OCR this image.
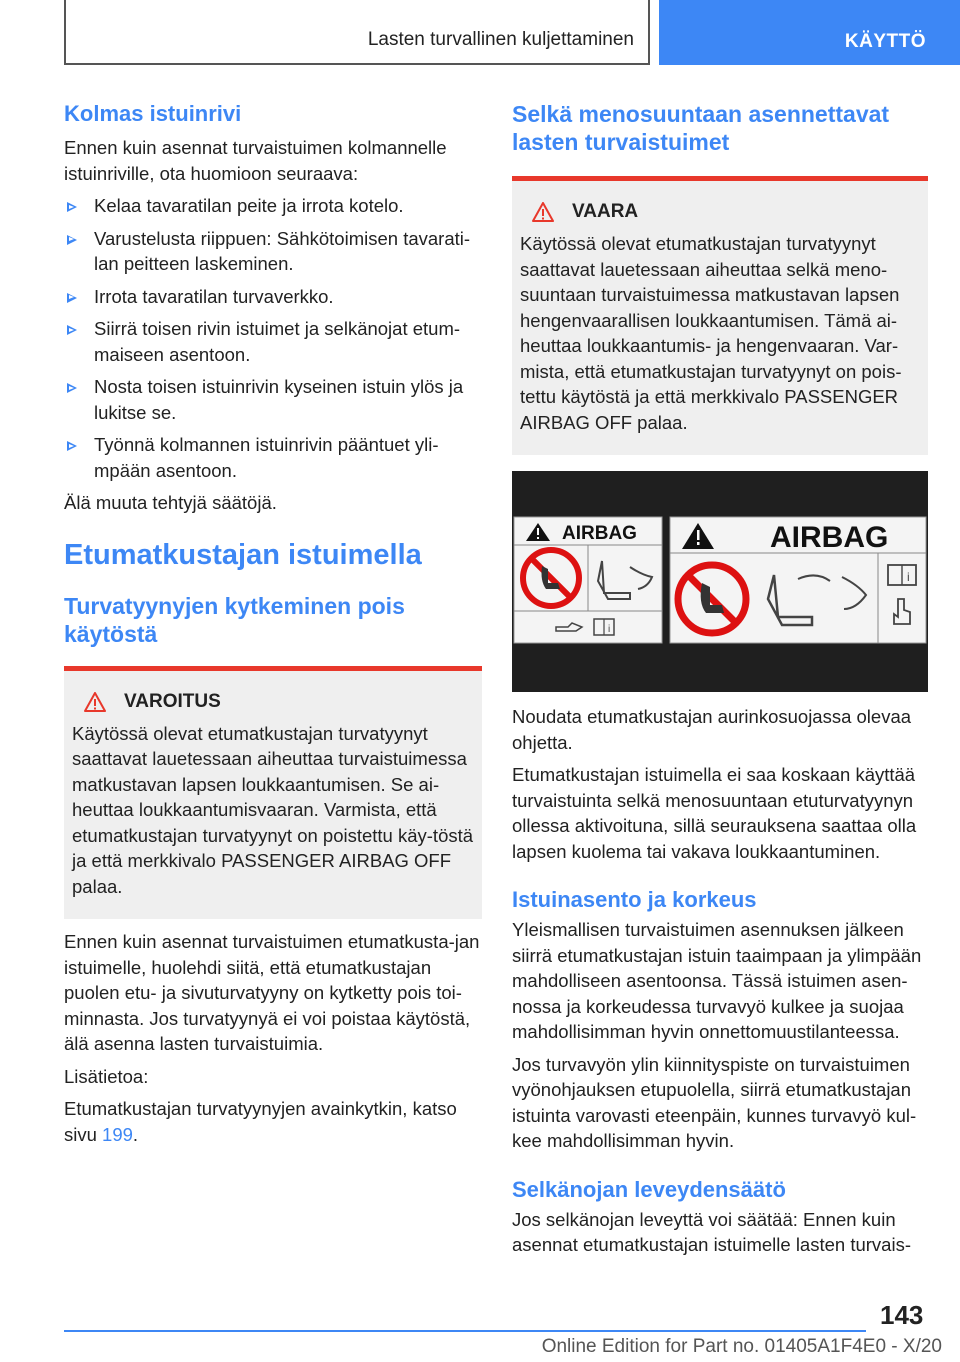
Lasten turvallinen kuljettaminen	KÄYTTÖ
Kolmas istuinrivi

Ennen kuin asennat turvaistuimen kolmannelle istuinriville, ota huomioon seuraava:

Kelaa tavaratilan peite ja irrota kotelo.
Varustelusta riippuen: Sähkötoimisen tavarati-lan peitteen laskeminen.
Irrota tavaratilan turvaverkko.
Siirrä toisen rivin istuimet ja selkänojat etum-maiseen asentoon.
Nosta toisen istuinrivin kyseinen istuin ylös ja lukitse se.
Työnnä kolmannen istuinrivin pääntuet yli-mpään asentoon.

Älä muuta tehtyjä säätöjä.

Etumatkustajan istuimella
Turvatyynyjen kytkeminen pois käytöstä
VAROITUS

Käytössä olevat etumatkustajan turvatyynyt saattavat lauetessaan aiheuttaa turvaistuimessa matkustavan lapsen loukkaantumisen. Se ai-heuttaa loukkaantumisvaaran. Varmista, että etumatkustajan turvatyynyt on poistettu käy-töstä ja että merkkivalo PASSENGER AIRBAG OFF palaa.

Ennen kuin asennat turvaistuimen etumatkusta-jan istuimelle, huolehdi siitä, että etumatkustajan puolen etu- ja sivuturvatyyny on kytketty pois toi-minnasta. Jos turvatyynyä ei voi poistaa käytöstä, älä asenna lasten turvaistuimia.

Lisätietoa:

Etumatkustajan turvatyynyjen avainkytkin, katso sivu 199.

Selkä menosuuntaan asennettavat lasten turvaistuimet
VAARA

Käytössä olevat etumatkustajan turvatyynyt saattavat lauetessaan aiheuttaa selkä meno-suuntaan turvaistuimessa matkustavan lapsen hengenvaarallisen loukkaantumisen. Tämä ai-heuttaa loukkaantumis- ja hengenvaaran. Var-mista, että etumatkustajan turvatyynyt on pois-tettu käytöstä ja että merkkivalo PASSENGER AIRBAG OFF palaa.

AIRBAG
i
AIRBAG
i

Noudata etumatkustajan aurinkosuojassa olevaa ohjetta.

Etumatkustajan istuimella ei saa koskaan käyttää turvaistuinta selkä menosuuntaan etuturvatyynyn ollessa aktivoituna, sillä seurauksena saattaa olla lapsen kuolema tai vakava loukkaantuminen.

Istuinasento ja korkeus

Yleismallisen turvaistuimen asennuksen jälkeen siirrä etumatkustajan istuin taaimpaan ja ylimpään mahdolliseen asentoonsa. Tässä istuimen asen-nossa ja korkeudessa turvavyö kulkee ja suojaa mahdollisimman hyvin onnettomuustilanteessa.

Jos turvavyön ylin kiinnityspiste on turvaistuimen vyönohjauksen etupuolella, siirrä etumatkustajan istuinta varovasti eteenpäin, kunnes turvavyö kul-kee mahdollisimman hyvin.

Selkänojan leveydensäätö

Jos selkänojan leveyttä voi säätää: Ennen kuin asennat etumatkustajan istuimelle lasten turvais-

143
Online Edition for Part no. 01405A1F4E0 - X/20
